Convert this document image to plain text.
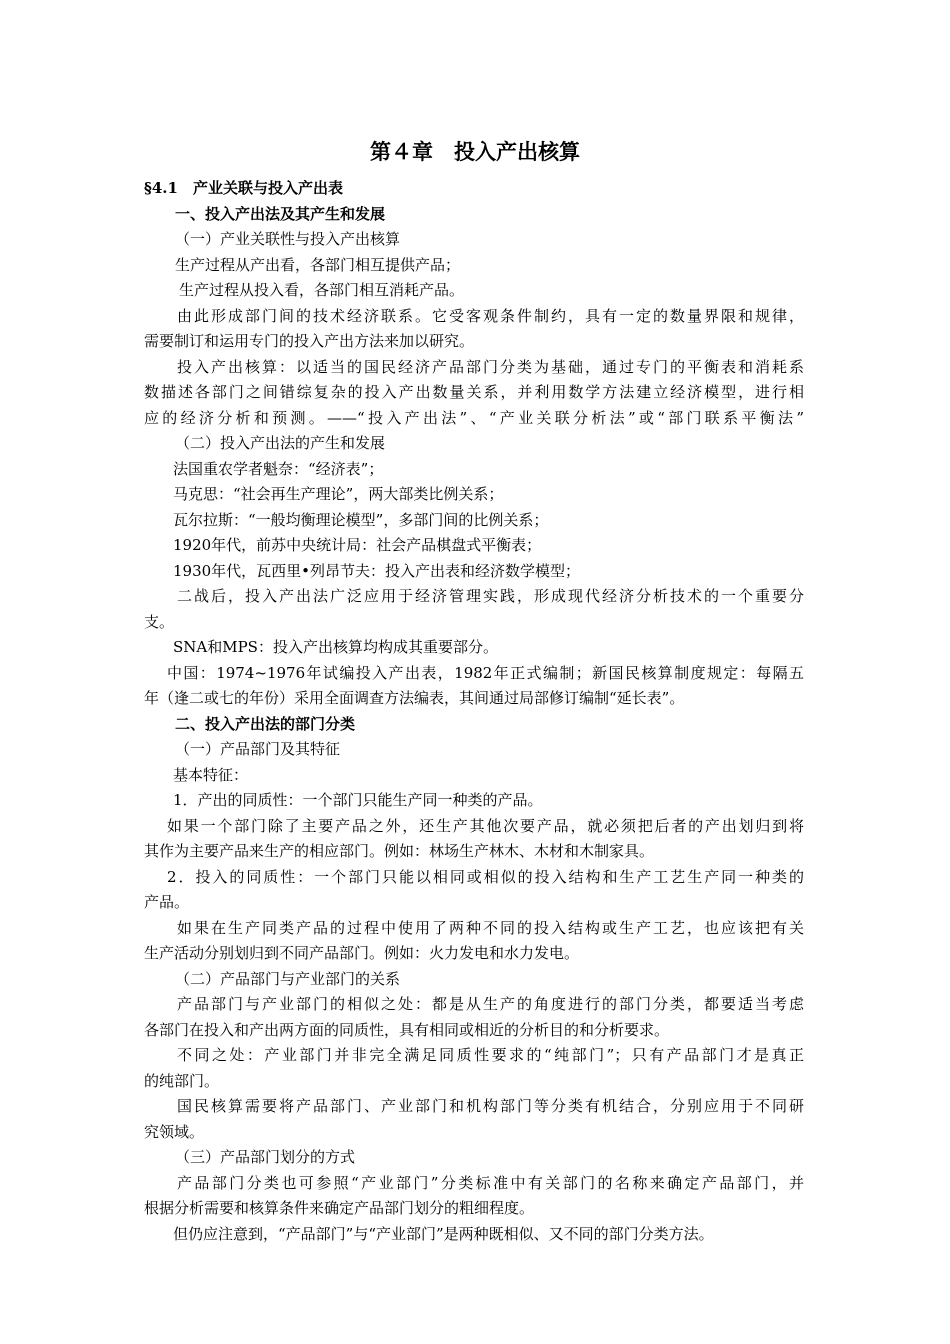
第４章　投入产出核算
§4.1　产业关联与投入产出表
一、投入产出法及其产生和发展
（一）产业关联性与投入产出核算
生产过程从产出看，各部门相互提供产品；
生产过程从投入看，各部门相互消耗产品。
由此形成部门间的技术经济联系。它受客观条件制约，具有一定的数量界限和规律，
需要制订和运用专门的投入产出方法来加以研究。
投入产出核算：以适当的国民经济产品部门分类为基础，通过专门的平衡表和消耗系
数描述各部门之间错综复杂的投入产出数量关系，并利用数学方法建立经济模型，进行相
应的经济分析和预测。——“投入产出法”、“产业关联分析法”或“部门联系平衡法”
（二）投入产出法的产生和发展
法国重农学者魁奈：“经济表”；
马克思：“社会再生产理论”，两大部类比例关系；
瓦尔拉斯：“一般均衡理论模型”，多部门间的比例关系；
1920年代，前苏中央统计局：社会产品棋盘式平衡表；
1930年代，瓦西里•列昂节夫：投入产出表和经济数学模型；
二战后，投入产出法广泛应用于经济管理实践，形成现代经济分析技术的一个重要分
支。
SNA和MPS：投入产出核算均构成其重要部分。
中国：1974~1976年试编投入产出表，1982年正式编制；新国民核算制度规定：每隔五
年（逢二或七的年份）采用全面调查方法编表，其间通过局部修订编制“延长表”。
二、投入产出法的部门分类
（一）产品部门及其特征
基本特征：
1．产出的同质性：一个部门只能生产同一种类的产品。
如果一个部门除了主要产品之外，还生产其他次要产品，就必须把后者的产出划归到将
其作为主要产品来生产的相应部门。例如：林场生产林木、木材和木制家具。
2．投入的同质性：一个部门只能以相同或相似的投入结构和生产工艺生产同一种类的
产品。
如果在生产同类产品的过程中使用了两种不同的投入结构或生产工艺，也应该把有关
生产活动分别划归到不同产品部门。例如：火力发电和水力发电。
（二）产品部门与产业部门的关系
产品部门与产业部门的相似之处：都是从生产的角度进行的部门分类，都要适当考虑
各部门在投入和产出两方面的同质性，具有相同或相近的分析目的和分析要求。
不同之处：产业部门并非完全满足同质性要求的“纯部门”；只有产品部门才是真正
的纯部门。
国民核算需要将产品部门、产业部门和机构部门等分类有机结合，分别应用于不同研
究领域。
（三）产品部门划分的方式
产品部门分类也可参照“产业部门”分类标准中有关部门的名称来确定产品部门，并
根据分析需要和核算条件来确定产品部门划分的粗细程度。
但仍应注意到，“产品部门”与“产业部门”是两种既相似、又不同的部门分类方法。
